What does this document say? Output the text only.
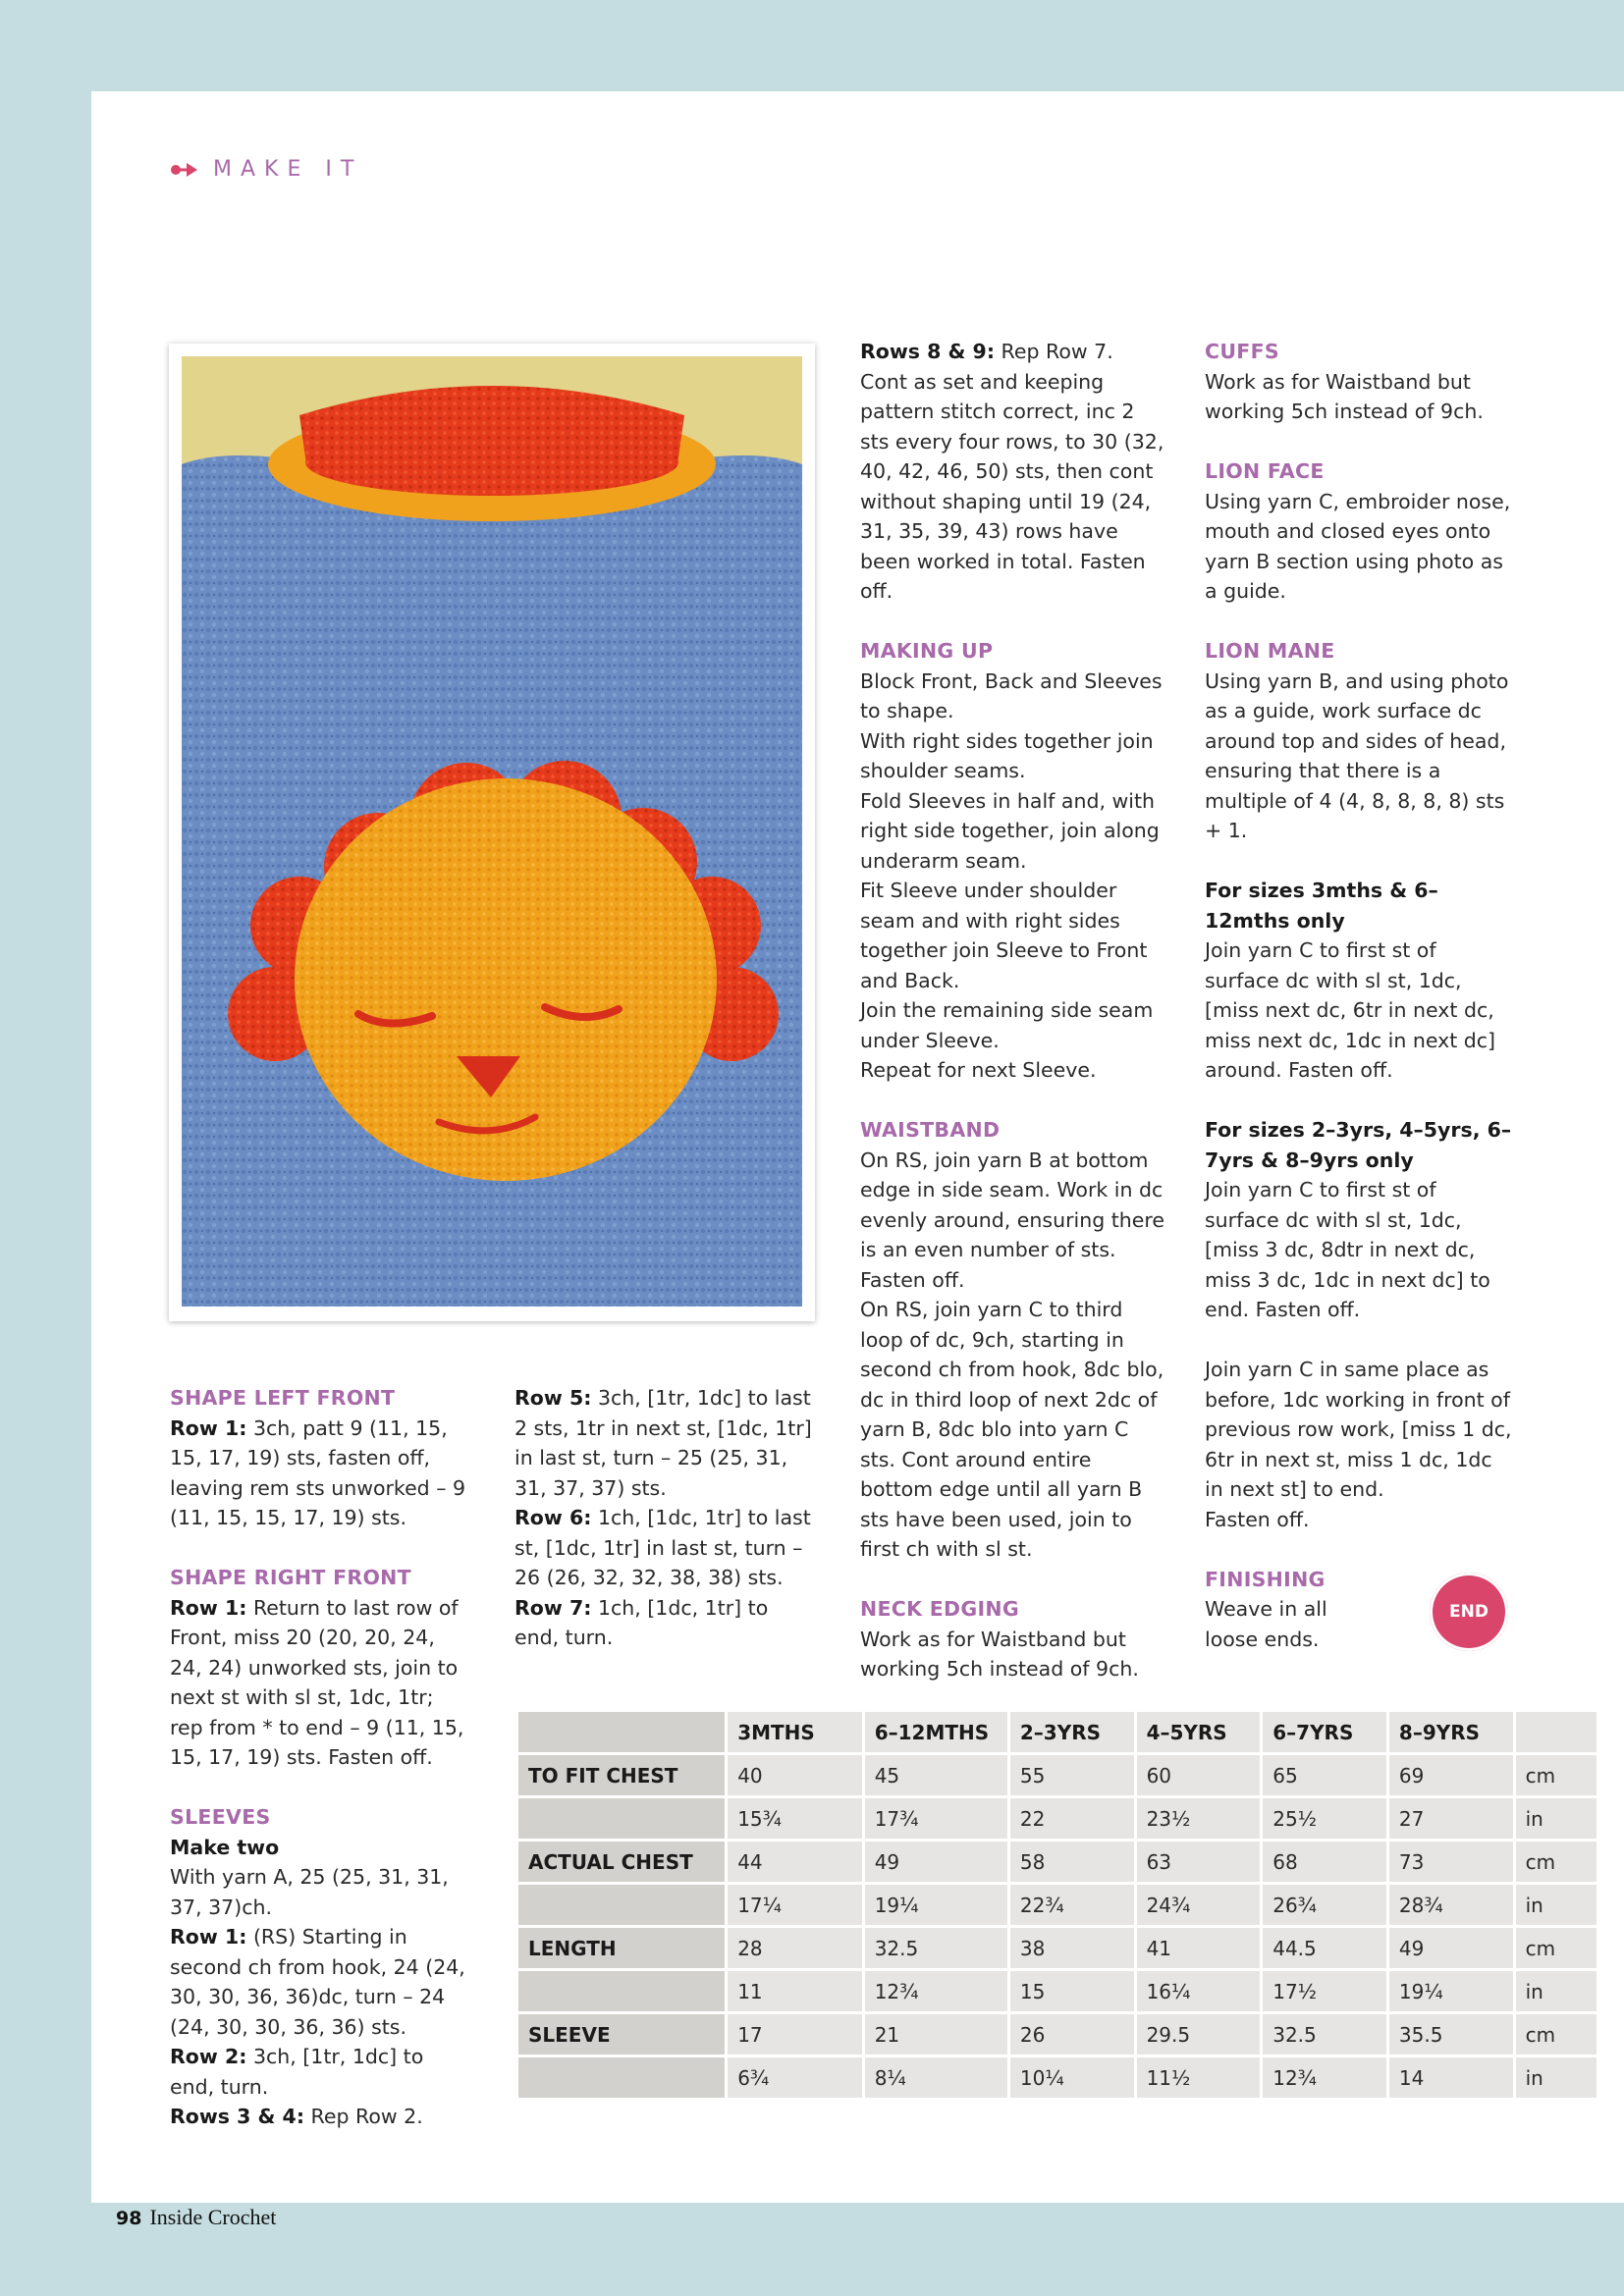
MAKE IT

SHAPE LEFT FRONT

Row 1: 3ch, patt 9 (11, 15, 15, 17, 19) sts, fasten off, leaving rem sts unworked – 9 (11, 15, 15, 17, 19) sts.

SHAPE RIGHT FRONT

Row 1: Return to last row of Front, miss 20 (20, 20, 24, 24, 24) unworked sts, join to next st with sl st, 1dc, 1tr; rep from * to end – 9 (11, 15, 15, 17, 19) sts. Fasten off.

SLEEVES

Make two

With yarn A, 25 (25, 31, 31, 37, 37)ch.

Row 1: (RS) Starting in second ch from hook, 24 (24, 30, 30, 36, 36)dc, turn – 24 (24, 30, 30, 36, 36) sts.

Row 2: 3ch, [1tr, 1dc] to end, turn.

Rows 3 & 4: Rep Row 2.

Row 5: 3ch, [1tr, 1dc] to last 2 sts, 1tr in next st, [1dc, 1tr] in last st, turn – 25 (25, 31, 31, 37, 37) sts.

Row 6: 1ch, [1dc, 1tr] to last st, [1dc, 1tr] in last st, turn – 26 (26, 32, 32, 38, 38) sts.

Row 7: 1ch, [1dc, 1tr] to end, turn.

Rows 8 & 9: Rep Row 7.

Cont as set and keeping pattern stitch correct, inc 2 sts every four rows, to 30 (32, 40, 42, 46, 50) sts, then cont without shaping until 19 (24, 31, 35, 39, 43) rows have been worked in total. Fasten off.

MAKING UP

Block Front, Back and Sleeves to shape.

With right sides together join shoulder seams.

Fold Sleeves in half and, with right side together, join along underarm seam.

Fit Sleeve under shoulder seam and with right sides together join Sleeve to Front and Back.

Join the remaining side seam under Sleeve.

Repeat for next Sleeve.

WAISTBAND

On RS, join yarn B at bottom edge in side seam. Work in dc evenly around, ensuring there is an even number of sts. Fasten off.

On RS, join yarn C to third loop of dc, 9ch, starting in second ch from hook, 8dc blo, dc in third loop of next 2dc of yarn B, 8dc blo into yarn C sts. Cont around entire bottom edge until all yarn B sts have been used, join to first ch with sl st.

NECK EDGING

Work as for Waistband but working 5ch instead of 9ch.

CUFFS

Work as for Waistband but working 5ch instead of 9ch.

LION FACE

Using yarn C, embroider nose, mouth and closed eyes onto yarn B section using photo as a guide.

LION MANE

Using yarn B, and using photo as a guide, work surface dc around top and sides of head, ensuring that there is a multiple of 4 (4, 8, 8, 8, 8) sts + 1.

For sizes 3mths & 6–12mths only

Join yarn C to first st of surface dc with sl st, 1dc, [miss next dc, 6tr in next dc, miss next dc, 1dc in next dc] around. Fasten off.

For sizes 2–3yrs, 4–5yrs, 6–7yrs & 8–9yrs only

Join yarn C to first st of surface dc with sl st, 1dc, [miss 3 dc, 8dtr in next dc, miss 3 dc, 1dc in next dc] to end. Fasten off.

Join yarn C in same place as before, 1dc working in front of previous row work, [miss 1 dc, 6tr in next st, miss 1 dc, 1dc in next st] to end.

Fasten off.

FINISHING

Weave in all loose ends.

END
	3MTHS	6–12MTHS	2–3YRS	4–5YRS	6–7YRS	8–9YRS	
TO FIT CHEST	40	45	55	60	65	69	cm
	15¾	17¾	22	23½	25½	27	in
ACTUAL CHEST	44	49	58	63	68	73	cm
	17¼	19¼	22¾	24¾	26¾	28¾	in
LENGTH	28	32.5	38	41	44.5	49	cm
	11	12¾	15	16¼	17½	19¼	in
SLEEVE	17	21	26	29.5	32.5	35.5	cm
	6¾	8¼	10¼	11½	12¾	14	in
98 Inside Crochet
